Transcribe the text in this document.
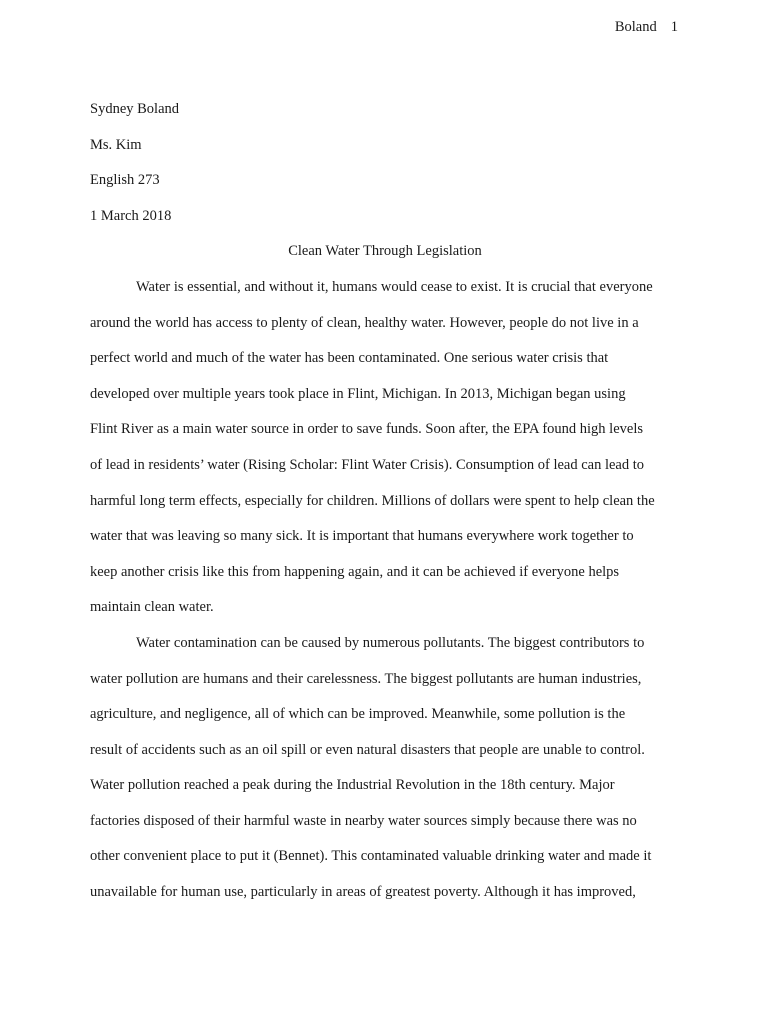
Boland 1
Sydney Boland
Ms. Kim
English 273
1 March 2018
Clean Water Through Legislation
Water is essential, and without it, humans would cease to exist. It is crucial that everyone
around the world has access to plenty of clean, healthy water. However, people do not live in a
perfect world and much of the water has been contaminated. One serious water crisis that
developed over multiple years took place in Flint, Michigan. In 2013, Michigan began using
Flint River as a main water source in order to save funds. Soon after, the EPA found high levels
of lead in residents’ water (Rising Scholar: Flint Water Crisis). Consumption of lead can lead to
harmful long term effects, especially for children. Millions of dollars were spent to help clean the
water that was leaving so many sick. It is important that humans everywhere work together to
keep another crisis like this from happening again, and it can be achieved if everyone helps
maintain clean water.
Water contamination can be caused by numerous pollutants. The biggest contributors to
water pollution are humans and their carelessness. The biggest pollutants are human industries,
agriculture, and negligence, all of which can be improved. Meanwhile, some pollution is the
result of accidents such as an oil spill or even natural disasters that people are unable to control.
Water pollution reached a peak during the Industrial Revolution in the 18th century. Major
factories disposed of their harmful waste in nearby water sources simply because there was no
other convenient place to put it (Bennet). This contaminated valuable drinking water and made it
unavailable for human use, particularly in areas of greatest poverty. Although it has improved,
